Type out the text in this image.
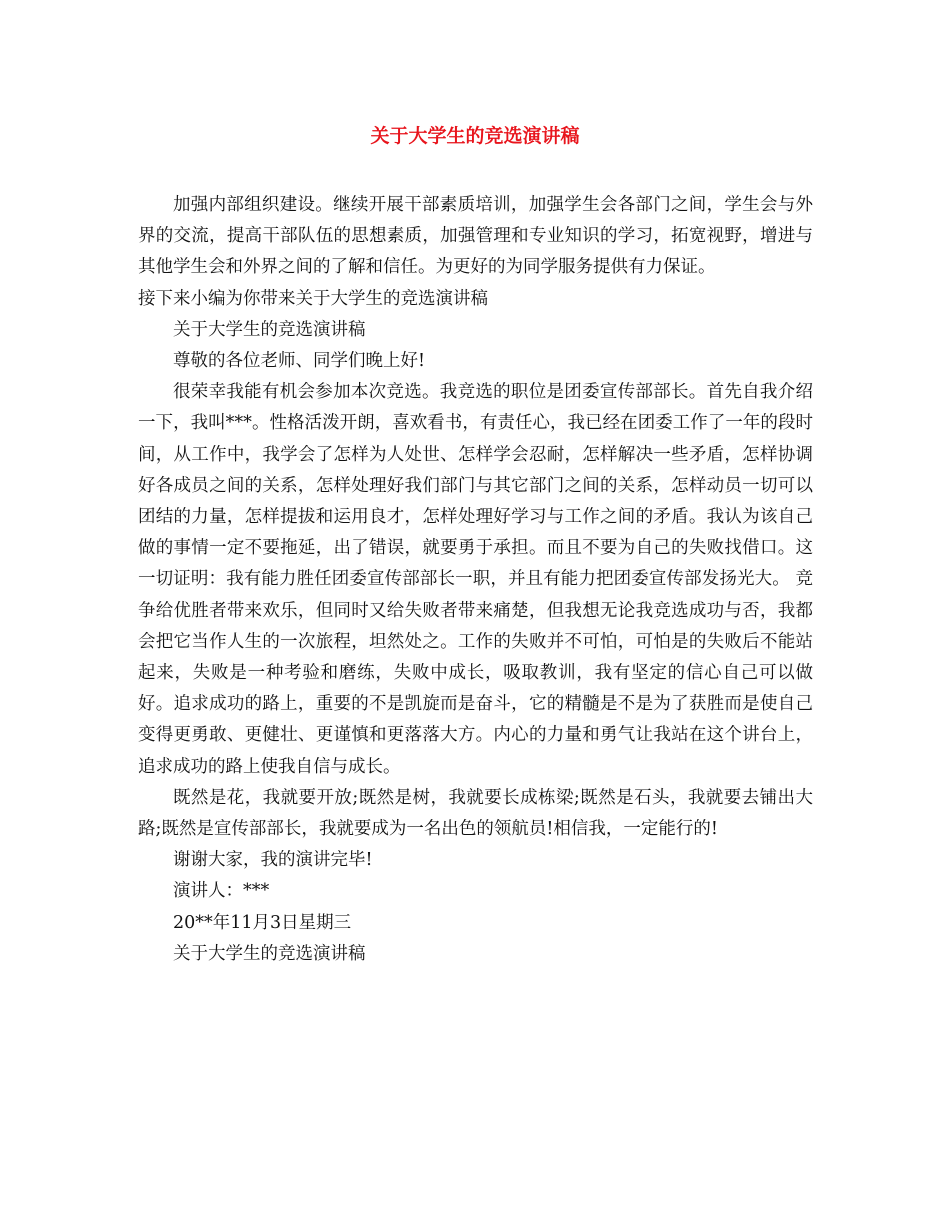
关于大学生的竞选演讲稿

加强内部组织建设。继续开展干部素质培训，加强学生会各部门之间，学生会与外界的交流，提高干部队伍的思想素质，加强管理和专业知识的学习，拓宽视野，增进与其他学生会和外界之间的了解和信任。为更好的为同学服务提供有力保证。

接下来小编为你带来关于大学生的竞选演讲稿

关于大学生的竞选演讲稿

尊敬的各位老师、同学们晚上好!

很荣幸我能有机会参加本次竞选。我竞选的职位是团委宣传部部长。首先自我介绍一下，我叫***。性格活泼开朗，喜欢看书，有责任心，我已经在团委工作了一年的段时间，从工作中，我学会了怎样为人处世、怎样学会忍耐，怎样解决一些矛盾，怎样协调好各成员之间的关系，怎样处理好我们部门与其它部门之间的关系，怎样动员一切可以团结的力量，怎样提拔和运用良才，怎样处理好学习与工作之间的矛盾。我认为该自己做的事情一定不要拖延，出了错误，就要勇于承担。而且不要为自己的失败找借口。这一切证明：我有能力胜任团委宣传部部长一职，并且有能力把团委宣传部发扬光大。 竞争给优胜者带来欢乐，但同时又给失败者带来痛楚，但我想无论我竞选成功与否，我都会把它当作人生的一次旅程，坦然处之。工作的失败并不可怕，可怕是的失败后不能站起来，失败是一种考验和磨练，失败中成长，吸取教训，我有坚定的信心自己可以做好。追求成功的路上，重要的不是凯旋而是奋斗，它的精髓是不是为了获胜而是使自己变得更勇敢、更健壮、更谨慎和更落落大方。内心的力量和勇气让我站在这个讲台上，追求成功的路上使我自信与成长。

既然是花，我就要开放;既然是树，我就要长成栋梁;既然是石头，我就要去铺出大路;既然是宣传部部长，我就要成为一名出色的领航员!相信我，一定能行的!

谢谢大家，我的演讲完毕!

演讲人：***

20**年11月3日星期三

关于大学生的竞选演讲稿
